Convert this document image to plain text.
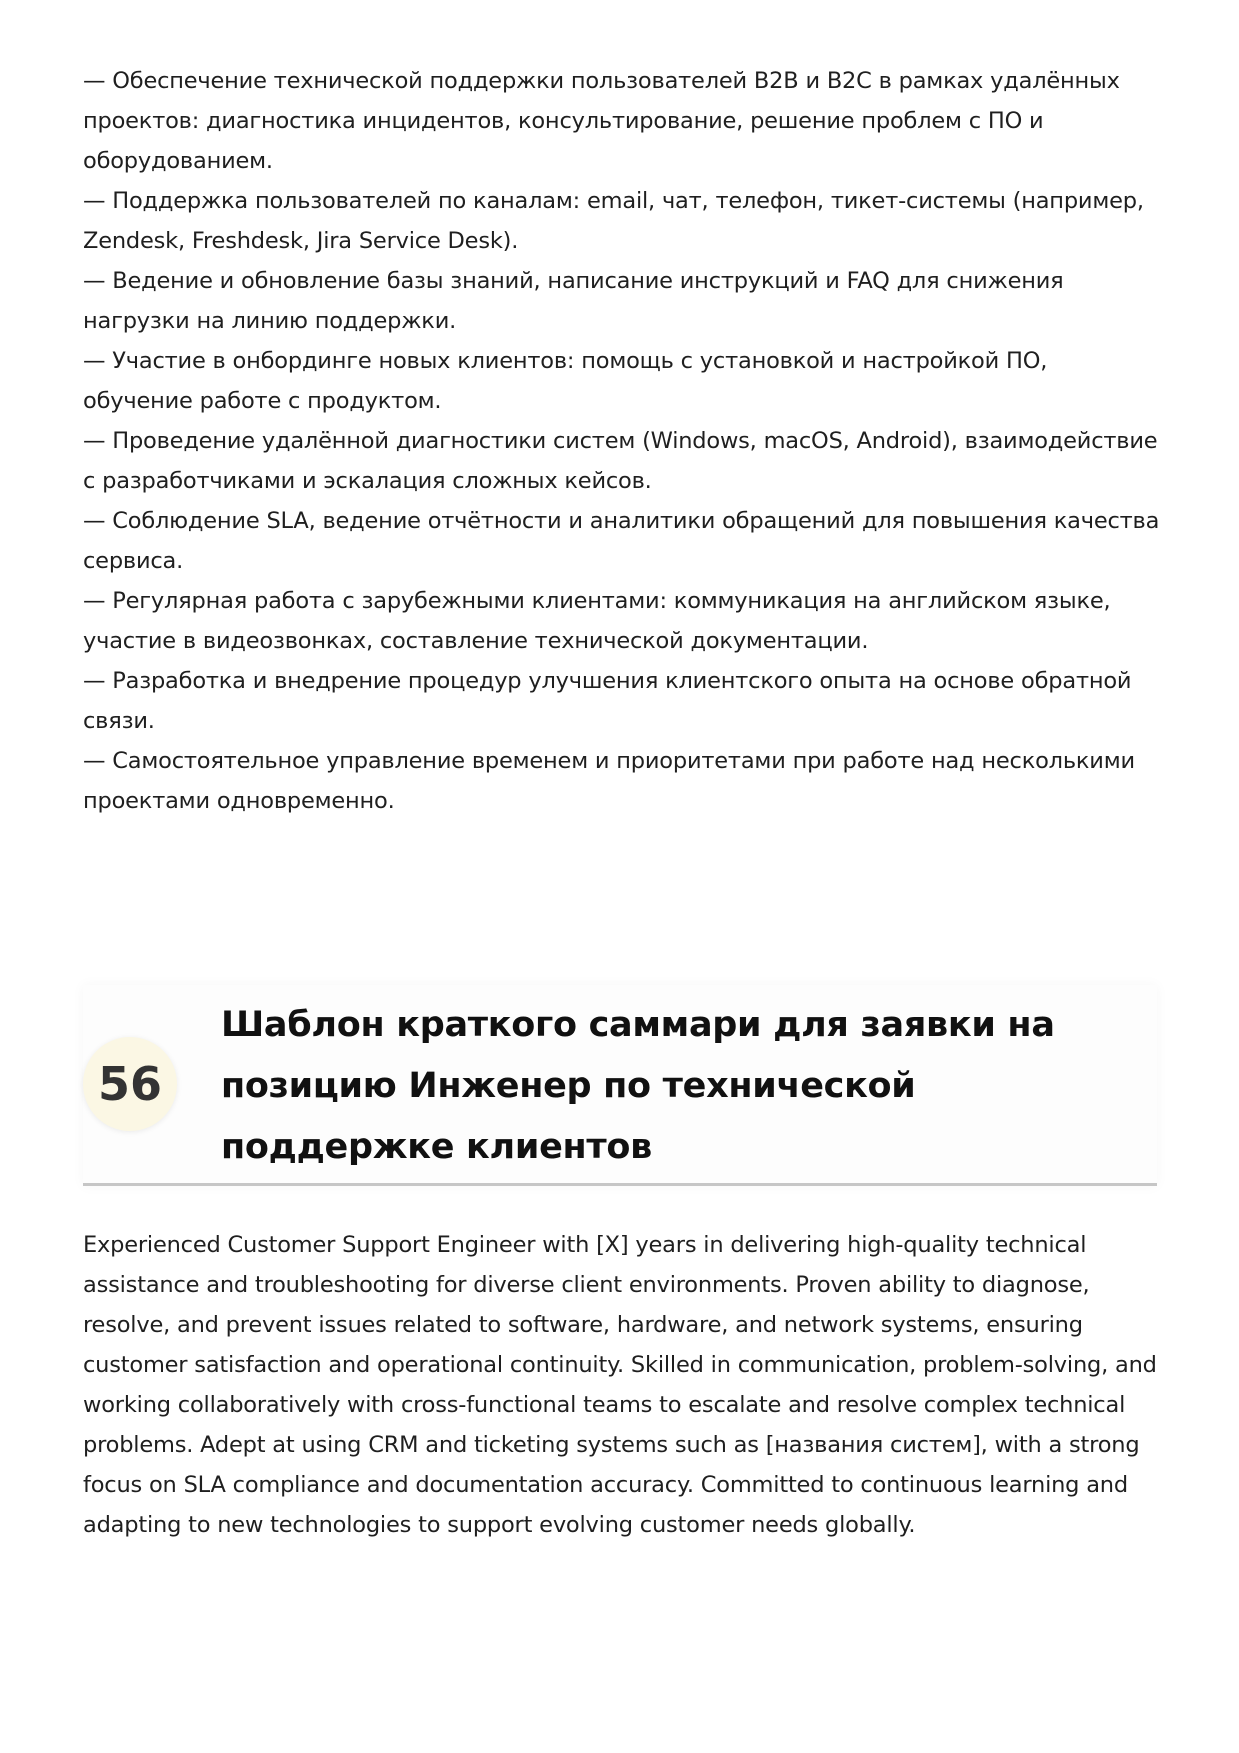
— Обеспечение технической поддержки пользователей B2B и B2C в рамках удалённых проектов: диагностика инцидентов, консультирование, решение проблем с ПО и оборудованием.

— Поддержка пользователей по каналам: email, чат, телефон, тикет-системы (например, Zendesk, Freshdesk, Jira Service Desk).

— Ведение и обновление базы знаний, написание инструкций и FAQ для снижения нагрузки на линию поддержки.

— Участие в онбординге новых клиентов: помощь с установкой и настройкой ПО, обучение работе с продуктом.

— Проведение удалённой диагностики систем (Windows, macOS, Android), взаимодействие с разработчиками и эскалация сложных кейсов.

— Соблюдение SLA, ведение отчётности и аналитики обращений для повышения качества сервиса.

— Регулярная работа с зарубежными клиентами: коммуникация на английском языке, участие в видеозвонках, составление технической документации.

— Разработка и внедрение процедур улучшения клиентского опыта на основе обратной связи.

— Самостоятельное управление временем и приоритетами при работе над несколькими проектами одновременно.

56
Шаблон краткого саммари для заявки на позицию Инженер по технической поддержке клиентов

Experienced Customer Support Engineer with [X] years in delivering high-quality technical assistance and troubleshooting for diverse client environments. Proven ability to diagnose, resolve, and prevent issues related to software, hardware, and network systems, ensuring customer satisfaction and operational continuity. Skilled in communication, problem-solving, and working collaboratively with cross-functional teams to escalate and resolve complex technical problems. Adept at using CRM and ticketing systems such as [названия систем], with a strong focus on SLA compliance and documentation accuracy. Committed to continuous learning and adapting to new technologies to support evolving customer needs globally.
